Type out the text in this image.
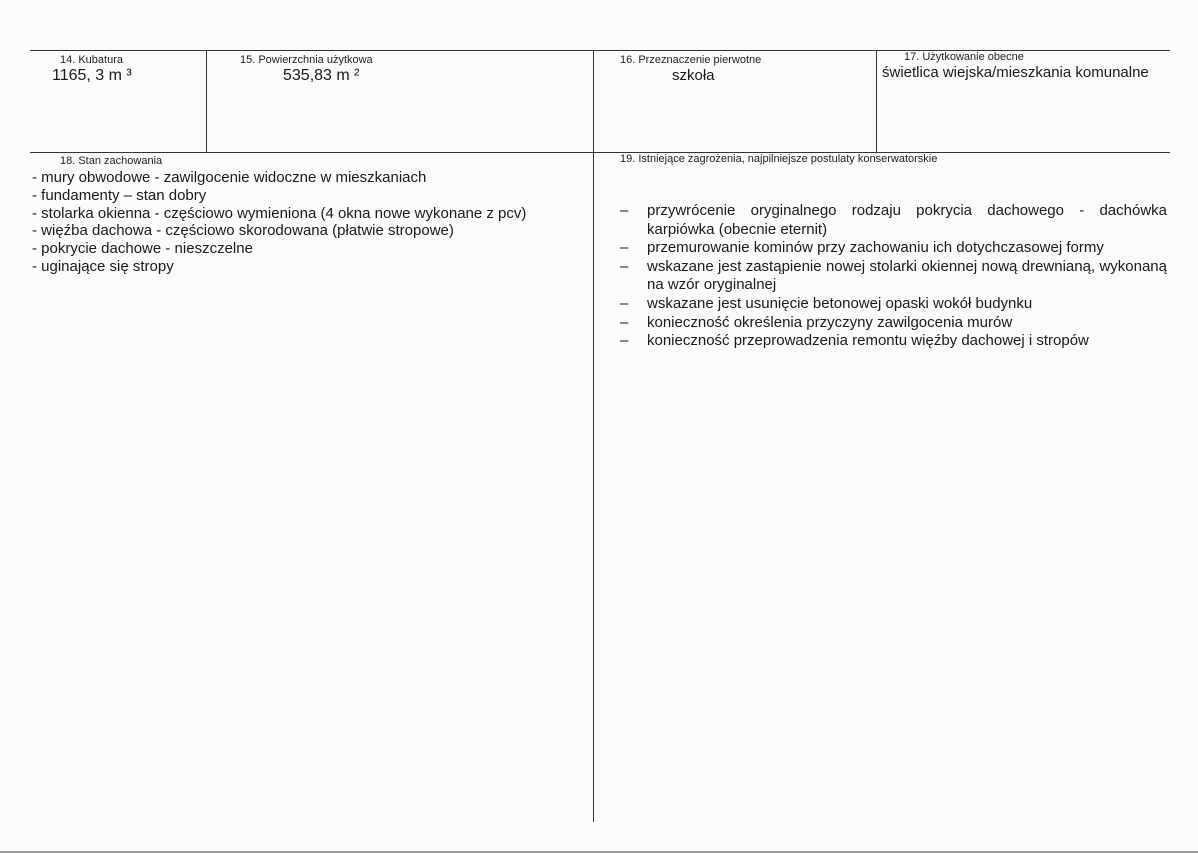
14. Kubatura
1165, 3 m ³
15. Powierzchnia użytkowa
535,83 m ²
16. Przeznaczenie pierwotne
szkoła
17. Użytkowanie obecne
świetlica wiejska/mieszkania komunalne
18. Stan zachowania
- mury obwodowe - zawilgocenie widoczne w mieszkaniach
- fundamenty – stan dobry
- stolarka okienna - częściowo wymieniona (4 okna nowe wykonane z pcv)
- więźba dachowa - częściowo skorodowana (płatwie stropowe)
- pokrycie dachowe - nieszczelne
- uginające się stropy
19. Istniejące zagrożenia, najpilniejsze postulaty konserwatorskie
–	przywrócenie oryginalnego rodzaju pokrycia dachowego - dachówka karpiówka (obecnie eternit)
–	przemurowanie kominów przy zachowaniu ich dotychczasowej formy
–	wskazane jest zastąpienie nowej stolarki okiennej nową drewnianą, wykonaną na wzór oryginalnej
–	wskazane jest usunięcie betonowej opaski wokół budynku
–	konieczność określenia przyczyny zawilgocenia murów
–	konieczność przeprowadzenia remontu więźby dachowej i stropów
